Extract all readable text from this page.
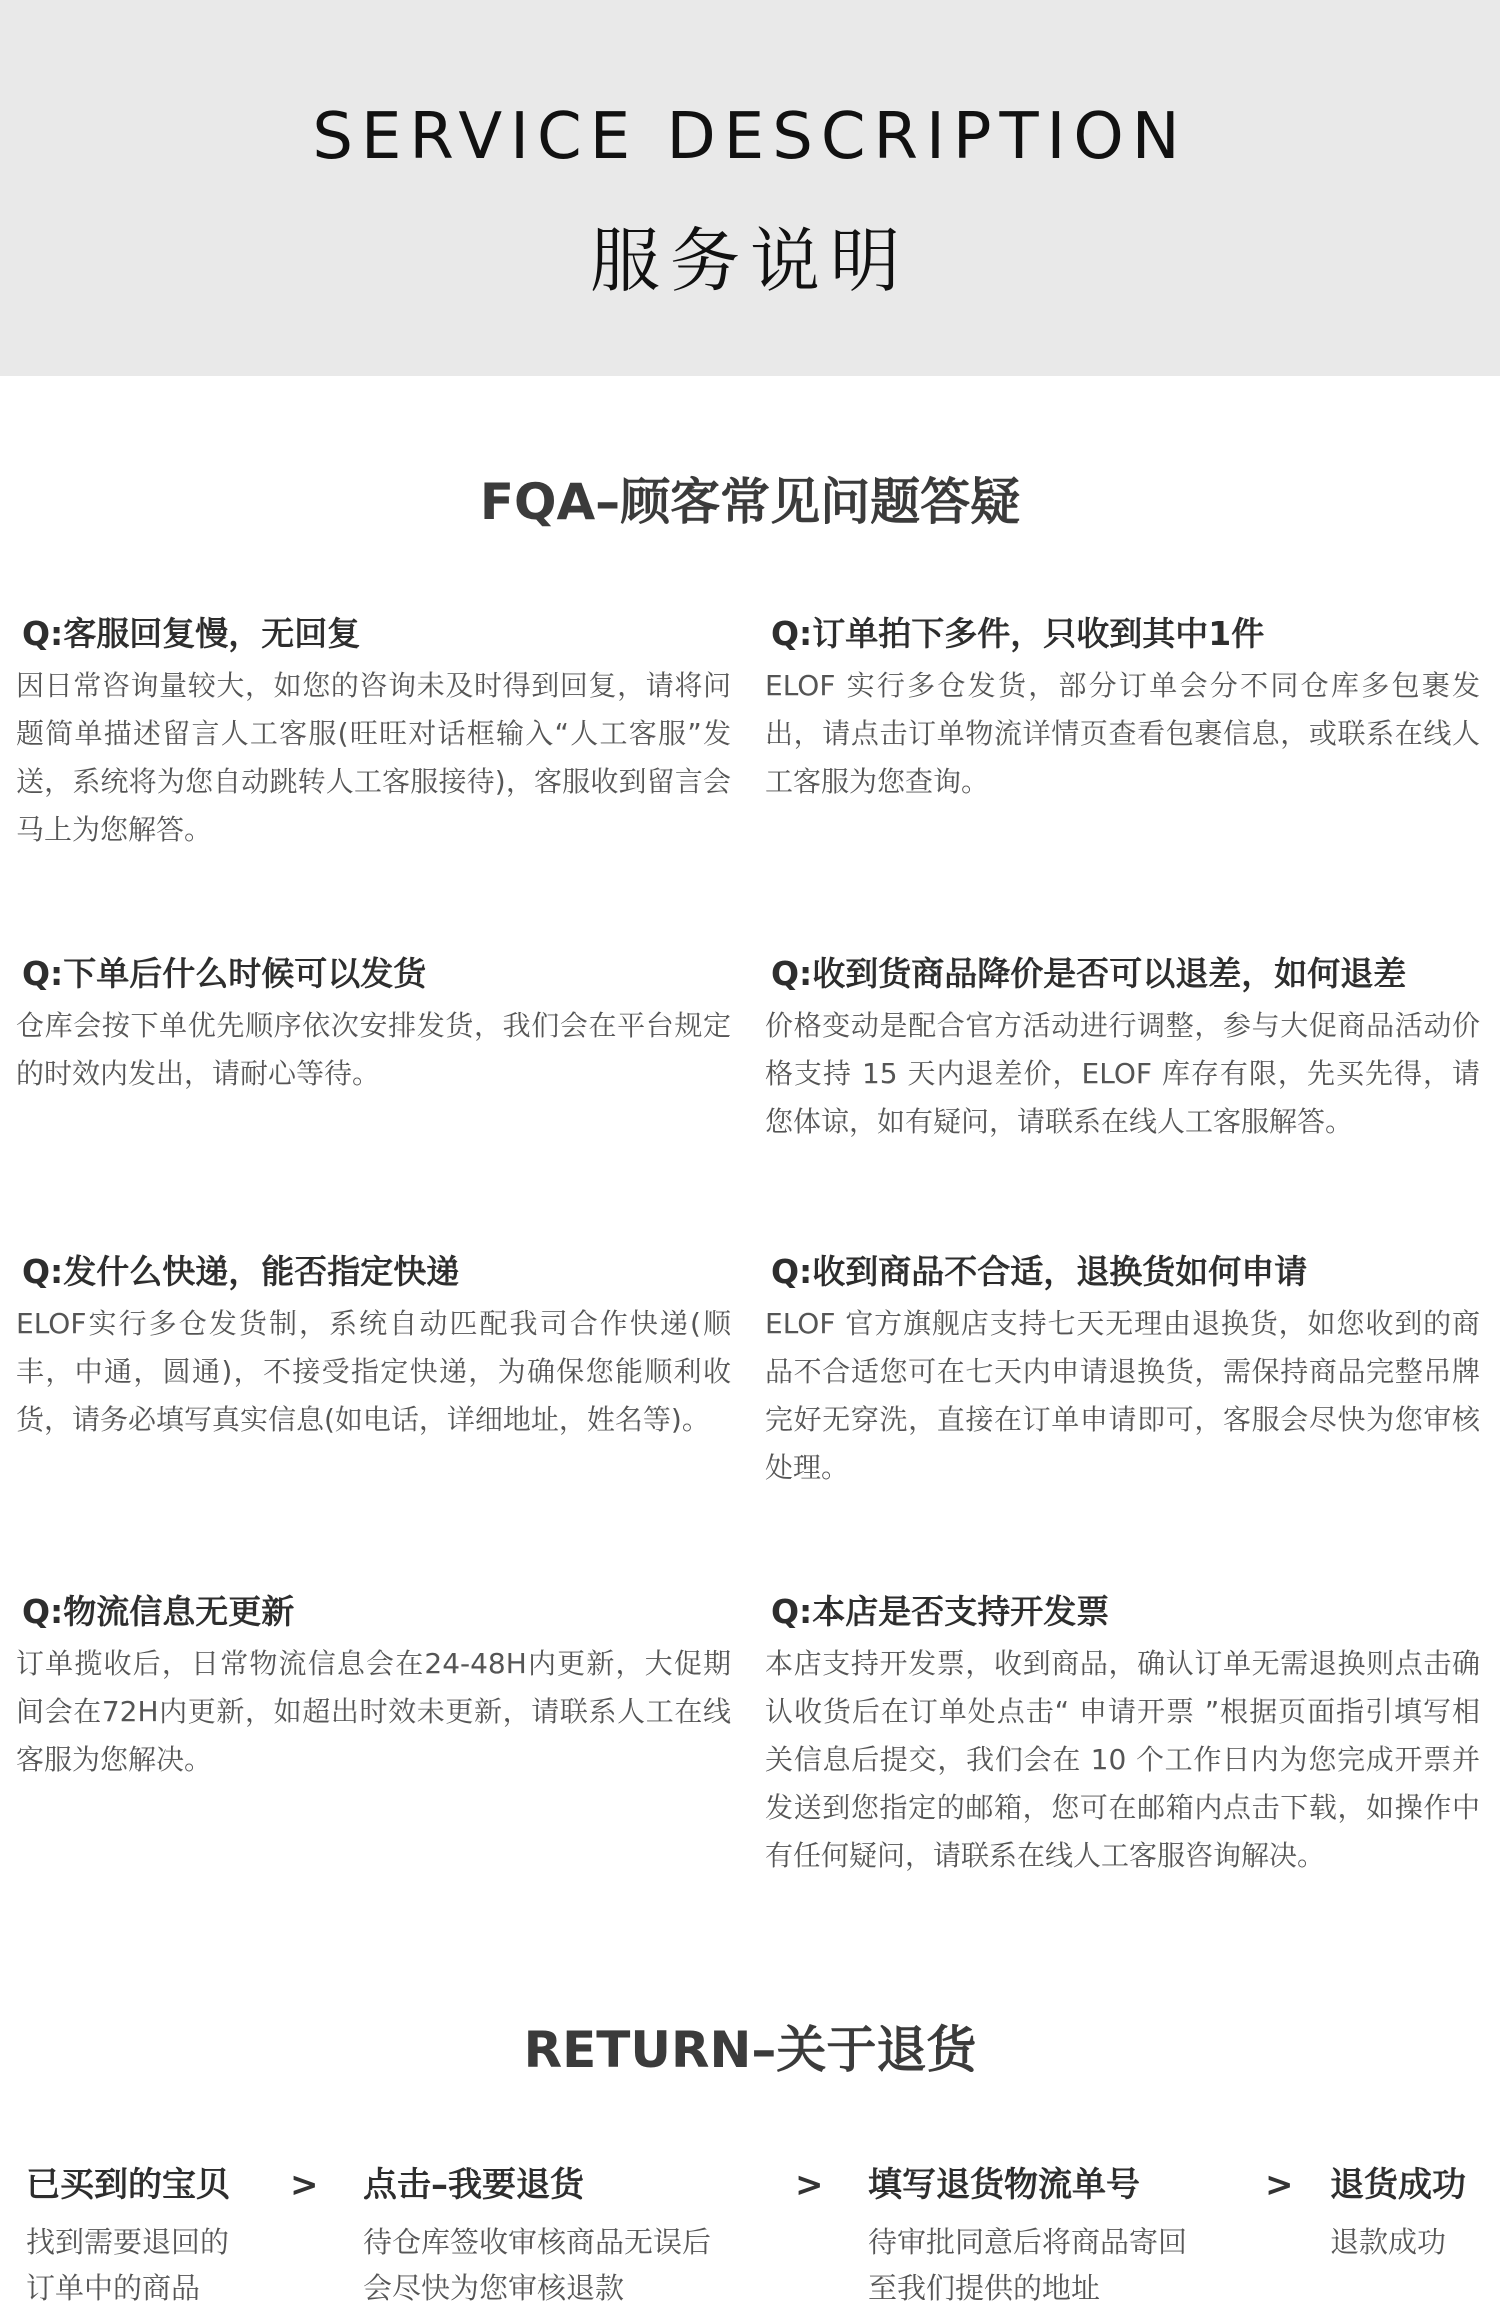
SERVICE DESCRIPTION
服务说明
FQA–顾客常见问题答疑
Q:客服回复慢，无回复
因日常咨询量较大，如您的咨询未及时得到回复，请将问题简单描述留言人工客服(旺旺对话框输入“人工客服”发送，系统将为您自动跳转人工客服接待)，客服收到留言会马上为您解答。
Q:订单拍下多件，只收到其中1件
ELOF 实行多仓发货，部分订单会分不同仓库多包裹发出，请点击订单物流详情页查看包裹信息，或联系在线人工客服为您查询。
Q:下单后什么时候可以发货
仓库会按下单优先顺序依次安排发货，我们会在平台规定的时效内发出，请耐心等待。
Q:收到货商品降价是否可以退差，如何退差
价格变动是配合官方活动进行调整，参与大促商品活动价格支持 15 天内退差价，ELOF 库存有限，先买先得，请您体谅，如有疑问，请联系在线人工客服解答。
Q:发什么快递，能否指定快递
ELOF实行多仓发货制，系统自动匹配我司合作快递(顺丰，中通，圆通)，不接受指定快递，为确保您能顺利收货，请务必填写真实信息(如电话，详细地址，姓名等)。
Q:收到商品不合适，退换货如何申请
ELOF 官方旗舰店支持七天无理由退换货，如您收到的商品不合适您可在七天内申请退换货，需保持商品完整吊牌完好无穿洗，直接在订单申请即可，客服会尽快为您审核处理。
Q:物流信息无更新
订单揽收后，日常物流信息会在24-48H内更新，大促期间会在72H内更新，如超出时效未更新，请联系人工在线客服为您解决。
Q:本店是否支持开发票
本店支持开发票，收到商品，确认订单无需退换则点击确认收货后在订单处点击“ 申请开票 ”根据页面指引填写相关信息后提交，我们会在 10 个工作日内为您完成开票并发送到您指定的邮箱，您可在邮箱内点击下载，如操作中有任何疑问，请联系在线人工客服咨询解决。
RETURN–关于退货
已买到的宝贝
找到需要退回的
订单中的商品
> 点击–我要退货
待仓库签收审核商品无误后
会尽快为您审核退款
> 填写退货物流单号
待审批同意后将商品寄回
至我们提供的地址
> 退货成功
退款成功
